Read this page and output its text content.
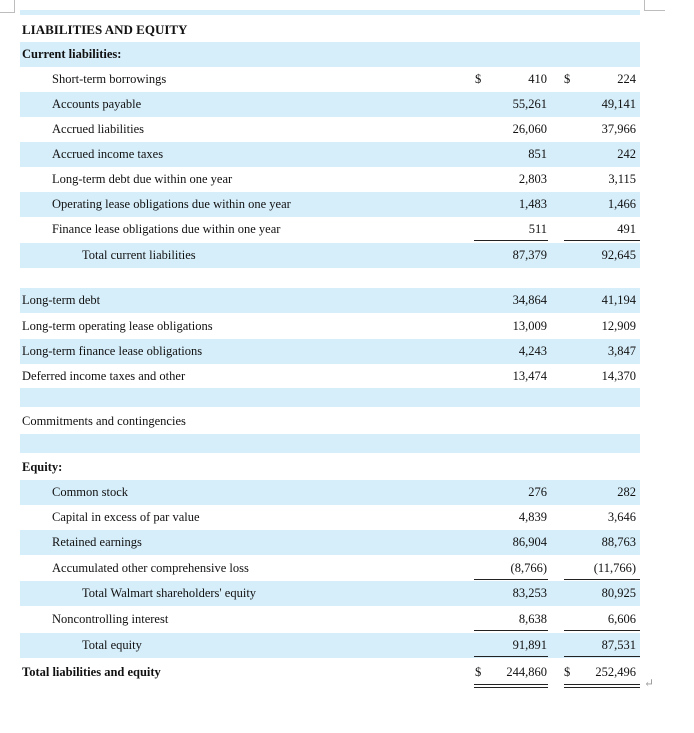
LIABILITIES AND EQUITY
Current liabilities:
Short-term borrowings	$	410 $	224
Accounts payable	55,261	49,141
Accrued liabilities	26,060	37,966
Accrued income taxes	851	242
Long-term debt due within one year	2,803	3,115
Operating lease obligations due within one year	1,483	1,466
Finance lease obligations due within one year	511	491
Total current liabilities	87,379	92,645
Long-term debt	34,864	41,194
Long-term operating lease obligations	13,009	12,909
Long-term finance lease obligations	4,243	3,847
Deferred income taxes and other	13,474	14,370
Commitments and contingencies
Equity:
Common stock	276	282
Capital in excess of par value	4,839	3,646
Retained earnings	86,904	88,763
Accumulated other comprehensive loss	(8,766)	(11,766)
Total Walmart shareholders' equity	83,253	80,925
Noncontrolling interest	8,638	6,606
Total equity	91,891	87,531
Total liabilities and equity	$ 244,860 $ 252,496
↵
